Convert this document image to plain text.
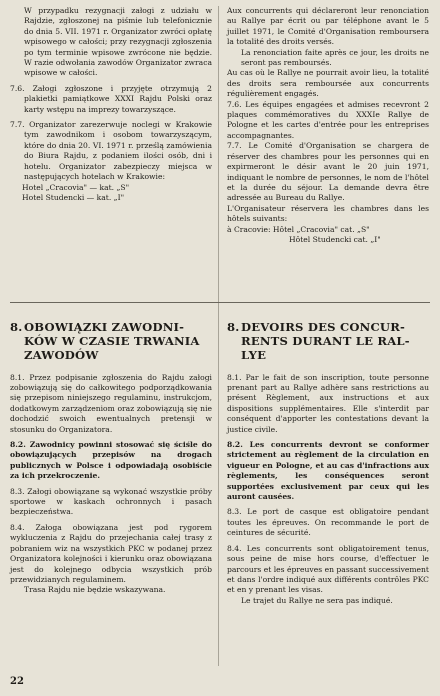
W przypadku rezygnacji załogi z udziału w Rajdzie, zgłoszonej na piśmie lub telefonicznie do dnia 5. VII. 1971 r. Organizator zwróci opłatę wpisowego w całości; przy rezygnacji zgłoszenia po tym terminie wpisowe zwrócone nie będzie. W razie odwołania zawodów Organizator zwraca wpisowe w całości.

7.6. Załogi zgłoszone i przyjęte otrzymują 2 plakietki pamiątkowe XXXI Rajdu Polski oraz karty wstępu na imprezy towarzyszące.

7.7. Organizator zarezerwuje noclegi w Krakowie tym zawodnikom i osobom towarzyszącym, które do dnia 20. VI. 1971 r. prześlą zamówienia do Biura Rajdu, z podaniem ilości osób, dni i hotelu. Organizator zabezpieczy miejsca w następujących hotelach w Krakowie:

Hotel „Cracovia" — kat. „S"
Hotel Studencki — kat. „I"

Aux concurrents qui déclareront leur renonciation au Rallye par écrit ou par téléphone avant le 5 juillet 1971, le Comité d'Organisation remboursera la totalité des droits versés.

La renonciation faite après ce jour, les droits ne seront pas remboursés.

Au cas où le Rallye ne pourrait avoir lieu, la totalité des droits sera remboursée aux concurrents régulièrement engagés.

7.6. Les équipes engagées et admises recevront 2 plaques commémoratives du XXXIe Rallye de Pologne et les cartes d'entrée pour les entreprises accompagnantes.

7.7. Le Comité d'Organisation se chargera de réserver des chambres pour les personnes qui en expirmeront le désir avant le 20 juin 1971, indiquant le nombre de personnes, le nom de l'hôtel et la durée du séjour. La demande devra être adressée au Bureau du Rallye.

L'Organisateur réservera les chambres dans les hôtels suivants:

à Cracovie: Hôtel „Cracovia" cat. „S"
Hôtel Studencki cat. „I"
8.OBOWIĄZKI ZAWODNI-
KÓW W CZASIE TRWANIA
ZAWODÓW

8.1. Przez podpisanie zgłoszenia do Rajdu załogi zobowiązują się do całkowitego podporządkowania się przepisom niniejszego regulaminu, instrukcjom, dodatkowym zarządzeniom oraz zobowiązują się nie dochodzić swoich ewentualnych pretensji w stosunku do Organizatora.

8.2. Zawodnicy powinni stosować się ściśle do obowiązujących przepisów na drogach publicznych w Polsce i odpowiadają osobiście za ich przekroczenie.

8.3. Załogi obowiązane są wykonać wszystkie próby sportowe w kaskach ochronnych i pasach bezpieczeństwa.

8.4. Załoga obowiązana jest pod rygorem wykluczenia z Rajdu do przejechania całej trasy z pobraniem wiz na wszystkich PKC w podanej przez Organizatora kolejności i kierunku oraz obowiązana jest do kolejnego odbycia wszystkich prób przewidzianych regulaminem.

Trasa Rajdu nie będzie wskazywana.

8.DEVOIRS DES CONCUR-
RENTS DURANT LE RAL-
LYE

8.1. Par le fait de son inscription, toute personne prenant part au Rallye adhère sans restrictions au présent Règlement, aux instructions et aux dispositions supplémentaires. Elle s'interdit par conséquent d'apporter les contestations devant la justice civile.

8.2. Les concurrents devront se conformer strictement au règlement de la circulation en vigueur en Pologne, et au cas d'infractions aux règlements, les conséquences seront supportées exclusivement par ceux qui les auront causées.

8.3. Le port de casque est obligatoire pendant toutes les épreuves. On recommande le port de ceintures de sécurité.

8.4. Les concurrents sont obligatoirement tenus, sous peine de mise hors course, d'effectuer le parcours et les épreuves en passant successivement et dans l'ordre indiqué aux différents contrôles PKC et en y prenant les visas.

Le trajet du Rallye ne sera pas indiqué.

22
